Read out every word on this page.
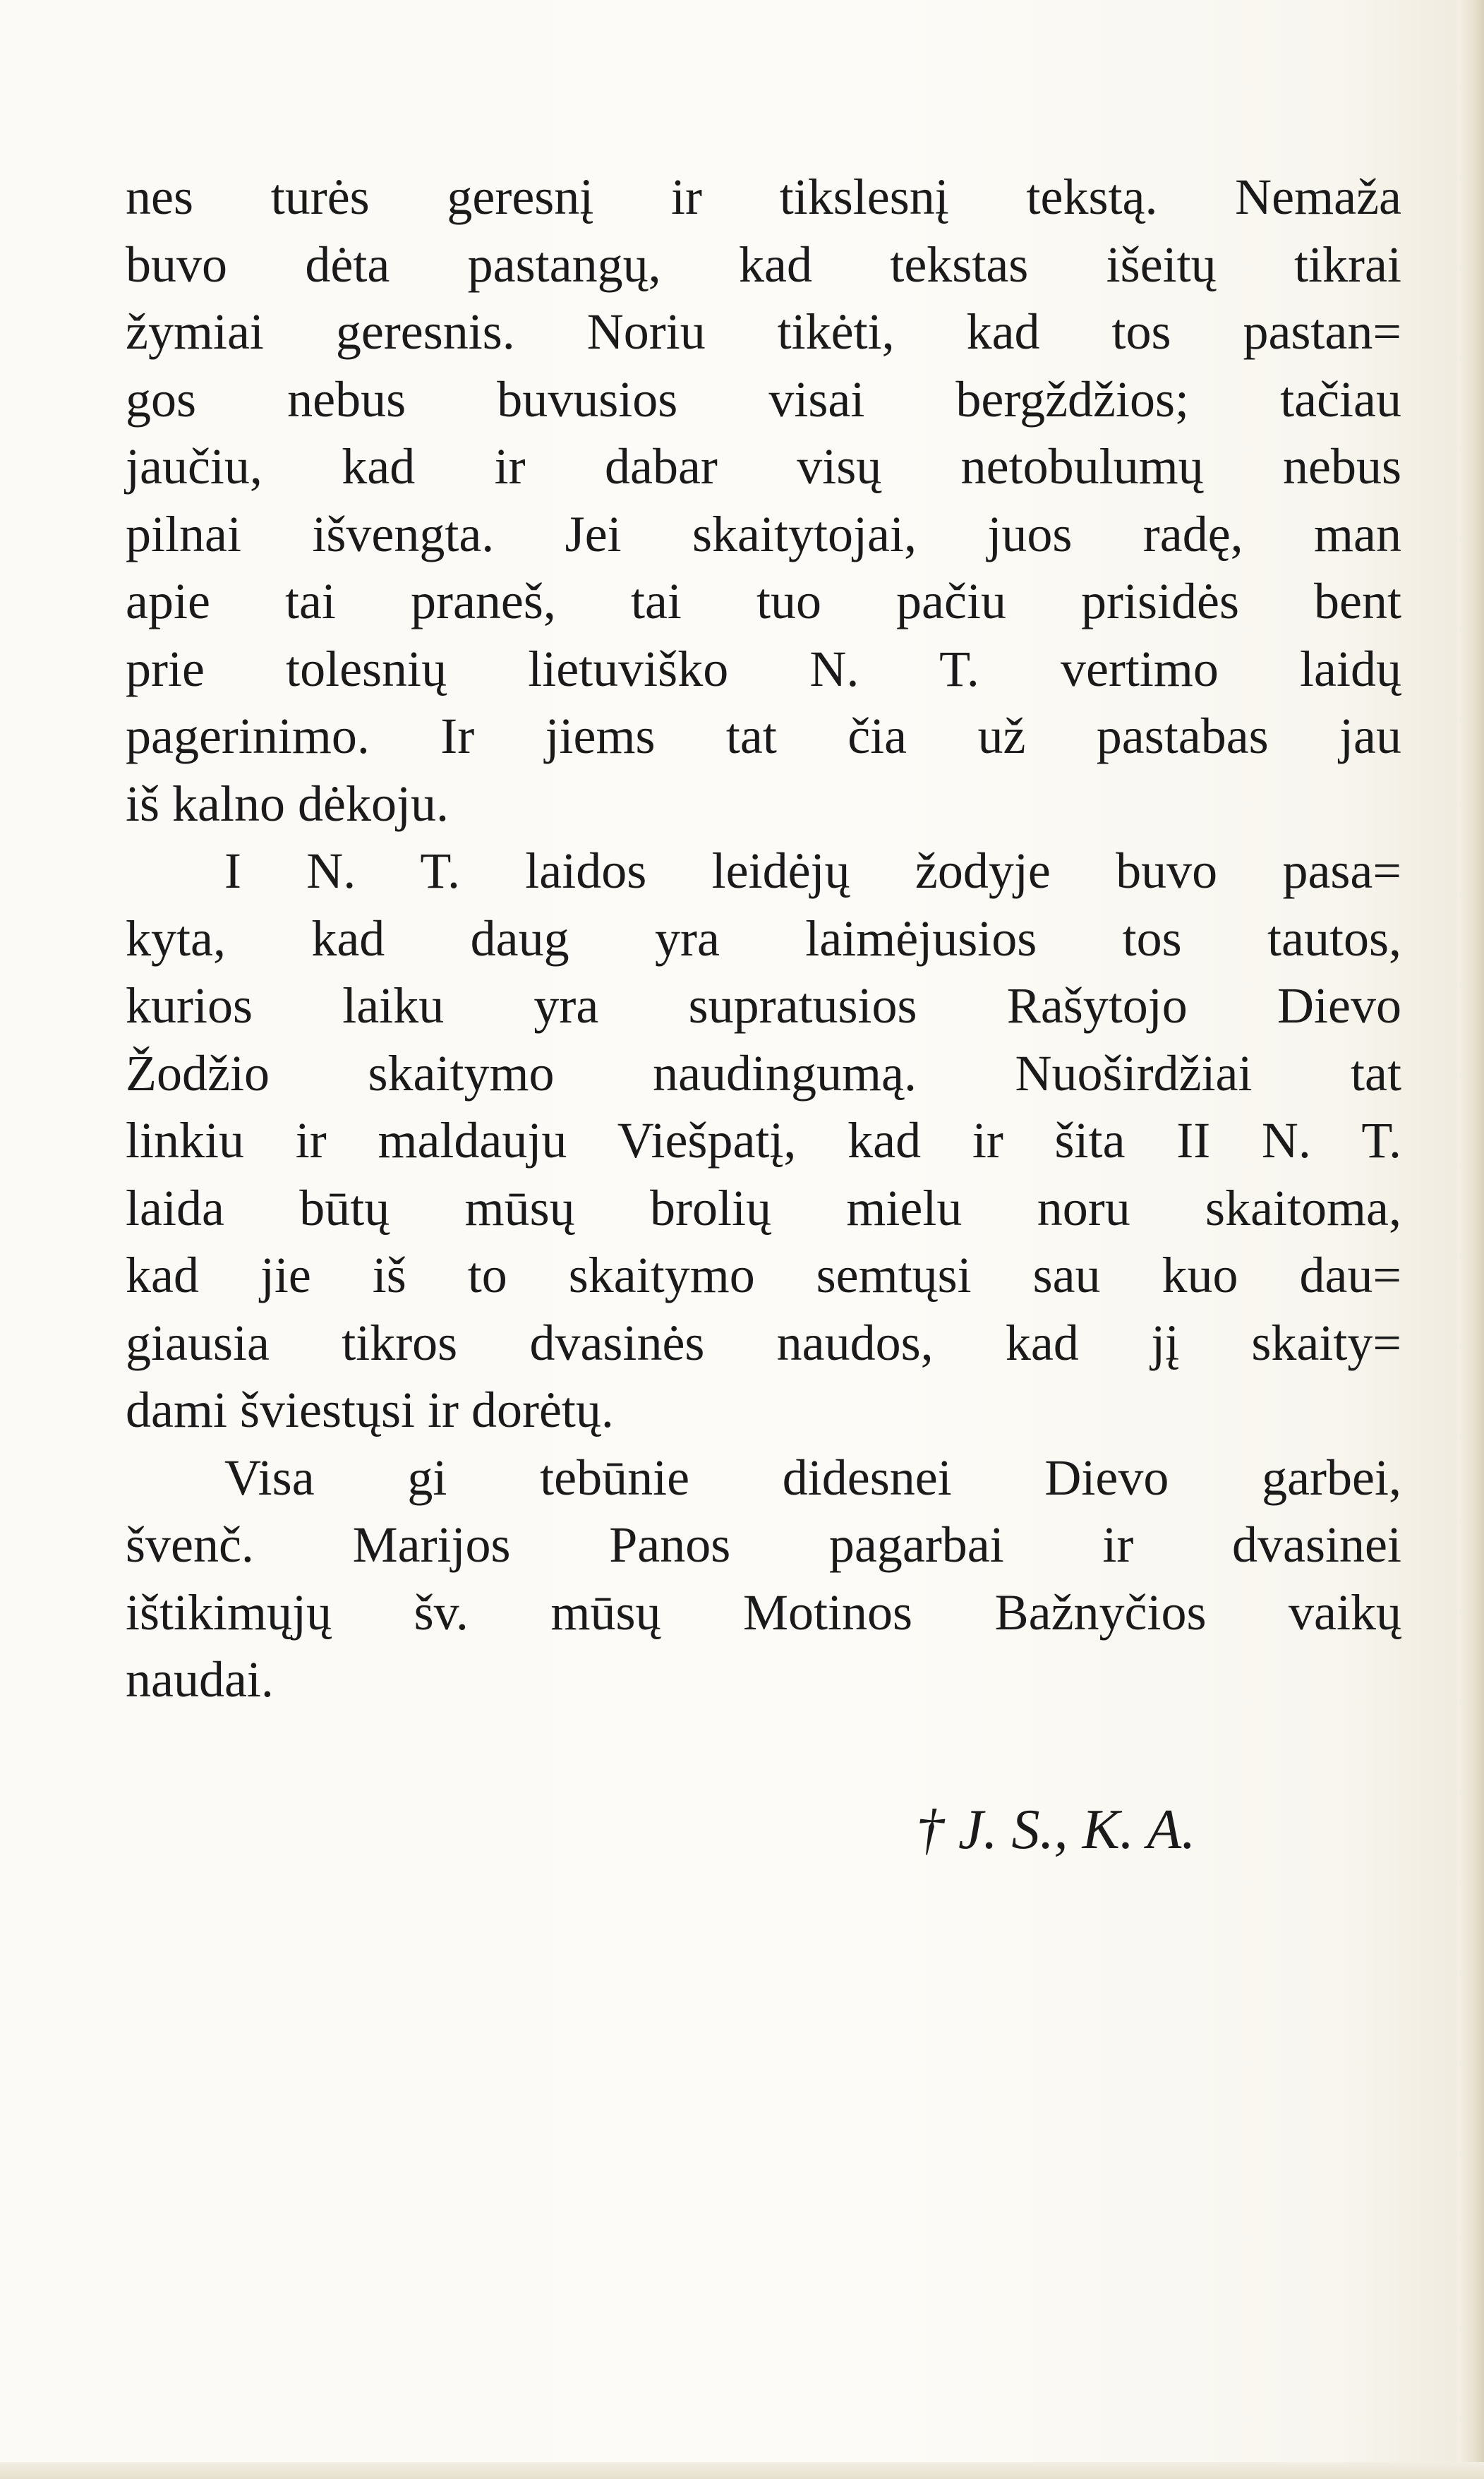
nes turės geresnį ir tikslesnį tekstą. Nemaža
buvo dėta pastangų, kad tekstas išeitų tikrai
žymiai geresnis. Noriu tikėti, kad tos pastan=
gos nebus buvusios visai bergždžios; tačiau
jaučiu, kad ir dabar visų netobulumų nebus
pilnai išvengta. Jei skaitytojai, juos radę, man
apie tai praneš, tai tuo pačiu prisidės bent
prie tolesnių lietuviško N. T. vertimo laidų
pagerinimo. Ir jiems tat čia už pastabas jau
iš kalno dėkoju.
I N. T. laidos leidėjų žodyje buvo pasa=
kyta, kad daug yra laimėjusios tos tautos,
kurios laiku yra supratusios Rašytojo Dievo
Žodžio skaitymo naudingumą. Nuoširdžiai tat
linkiu ir maldauju Viešpatį, kad ir šita II N. T.
laida būtų mūsų brolių mielu noru skaitoma,
kad jie iš to skaitymo semtųsi sau kuo dau=
giausia tikros dvasinės naudos, kad jį skaity=
dami šviestųsi ir dorėtų.
Visa gi tebūnie didesnei Dievo garbei,
švenč. Marijos Panos pagarbai ir dvasinei
ištikimųjų šv. mūsų Motinos Bažnyčios vaikų
naudai.
† J. S., K. A.
